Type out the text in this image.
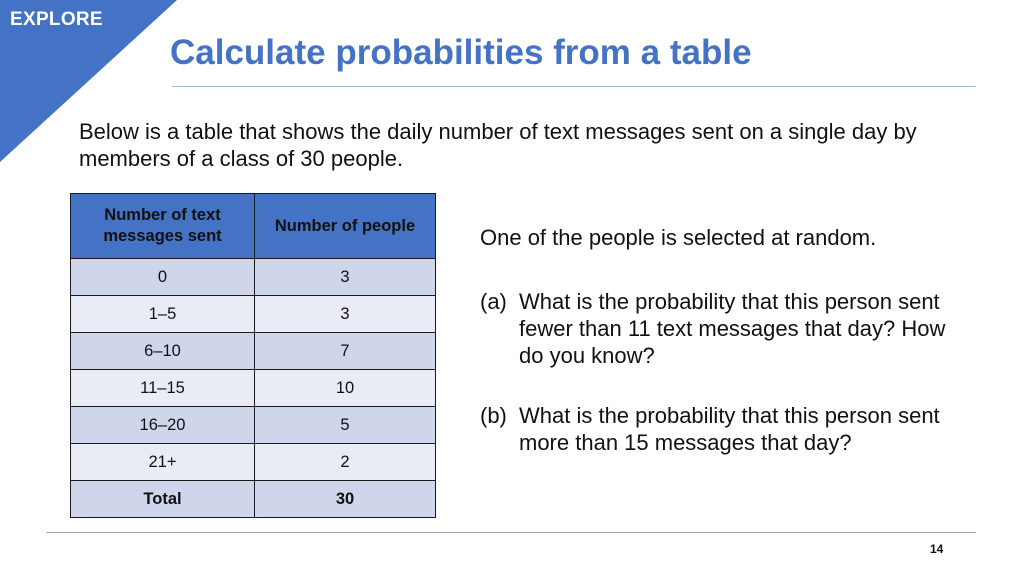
EXPLORE
Calculate probabilities from a table

Below is a table that shows the daily number of text messages sent on a single day by members of a class of 30 people.

Number of text messages sent	Number of people
0	3
1–5	3
6–10	7
11–15	10
16–20	5
21+	2
Total	30

One of the people is selected at random.

(a) What is the probability that this person sent fewer than 11 text messages that day? How do you know?
(b) What is the probability that this person sent more than 15 messages that day?
14
